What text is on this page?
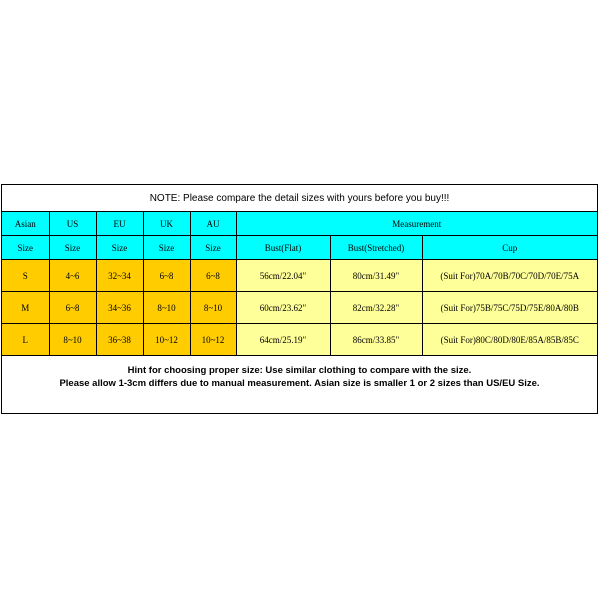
NOTE: Please compare the detail sizes with yours before you buy!!!
Asian	US	EU	UK	AU	Measurement		
Size	Size	Size	Size	Size	Bust(Flat)	Bust(Stretched)	Cup
S	4~6	32~34	6~8	6~8	56cm/22.04"	80cm/31.49"	(Suit For)70A/70B/70C/70D/70E/75A
M	6~8	34~36	8~10	8~10	60cm/23.62"	82cm/32.28"	(Suit For)75B/75C/75D/75E/80A/80B
L	8~10	36~38	10~12	10~12	64cm/25.19"	86cm/33.85"	(Suit For)80C/80D/80E/85A/85B/85C
Hint for choosing proper size: Use similar clothing to compare with the size.
Please allow 1-3cm differs due to manual measurement. Asian size is smaller 1 or 2 sizes than US/EU Size.
